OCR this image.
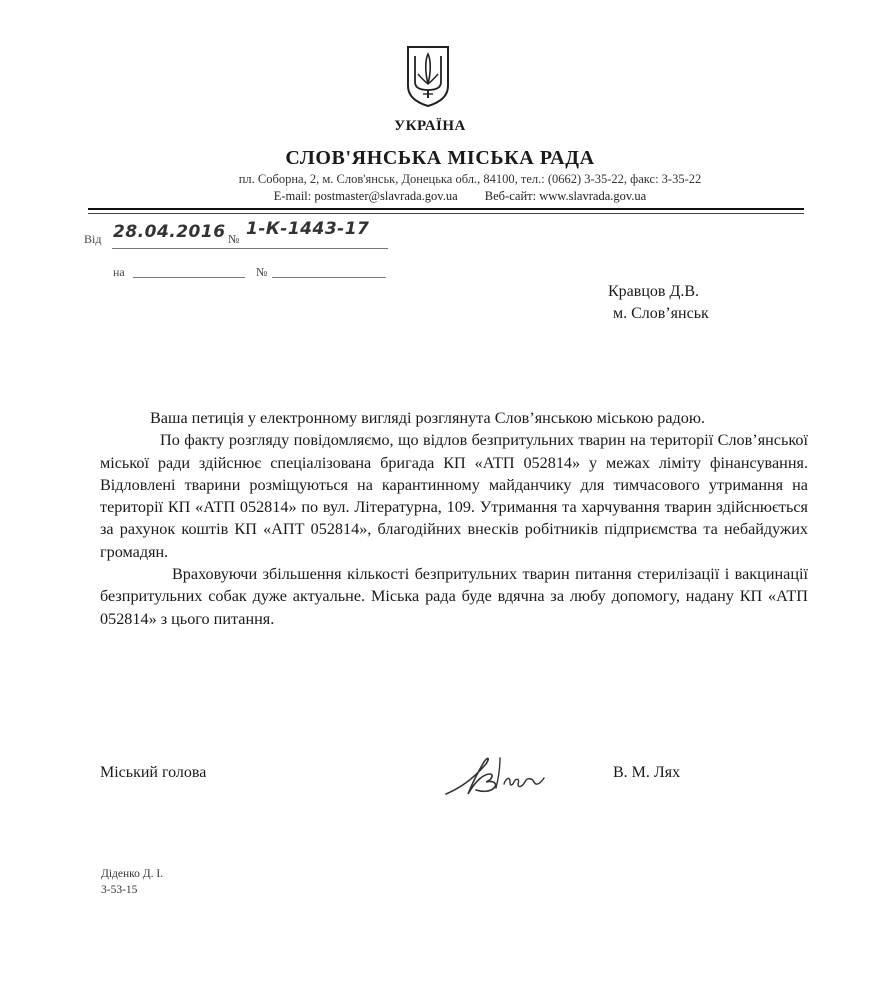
УКРАЇНА
СЛОВ'ЯНСЬКА МІСЬКА РАДА
пл. Соборна, 2, м. Слов'янськ, Донецька обл., 84100, тел.: (0662) 3-35-22, факс: 3-35-22
E-mail: postmaster@slavrada.gov.ua Веб-сайт: www.slavrada.gov.ua
Від 28.04.2016 № 1-К-1443-17
на	№
Кравцов Д.В.
м. Слов’янськ

Ваша петиція у електронному вигляді розглянута Слов’янською міською радою.

По факту розгляду повідомляємо, що відлов безпритульних тварин на території Слов’янської міської ради здійснює спеціалізована бригада КП «АТП 052814» у межах ліміту фінансування. Відловлені тварини розміщуються на карантинному майданчику для тимчасового утримання на території КП «АТП 052814» по вул. Літературна, 109. Утримання та харчування тварин здійснюється за рахунок коштів КП «АПТ 052814», благодійних внесків робітників підприємства та небайдужих громадян.

Враховуючи збільшення кількості безпритульних тварин питання стерилізації і вакцинації безпритульних собак дуже актуальне. Міська рада буде вдячна за любу допомогу, надану КП «АТП 052814» з цього питання.

Міський голова	В. М. Лях
Діденко Д. І.
3-53-15
